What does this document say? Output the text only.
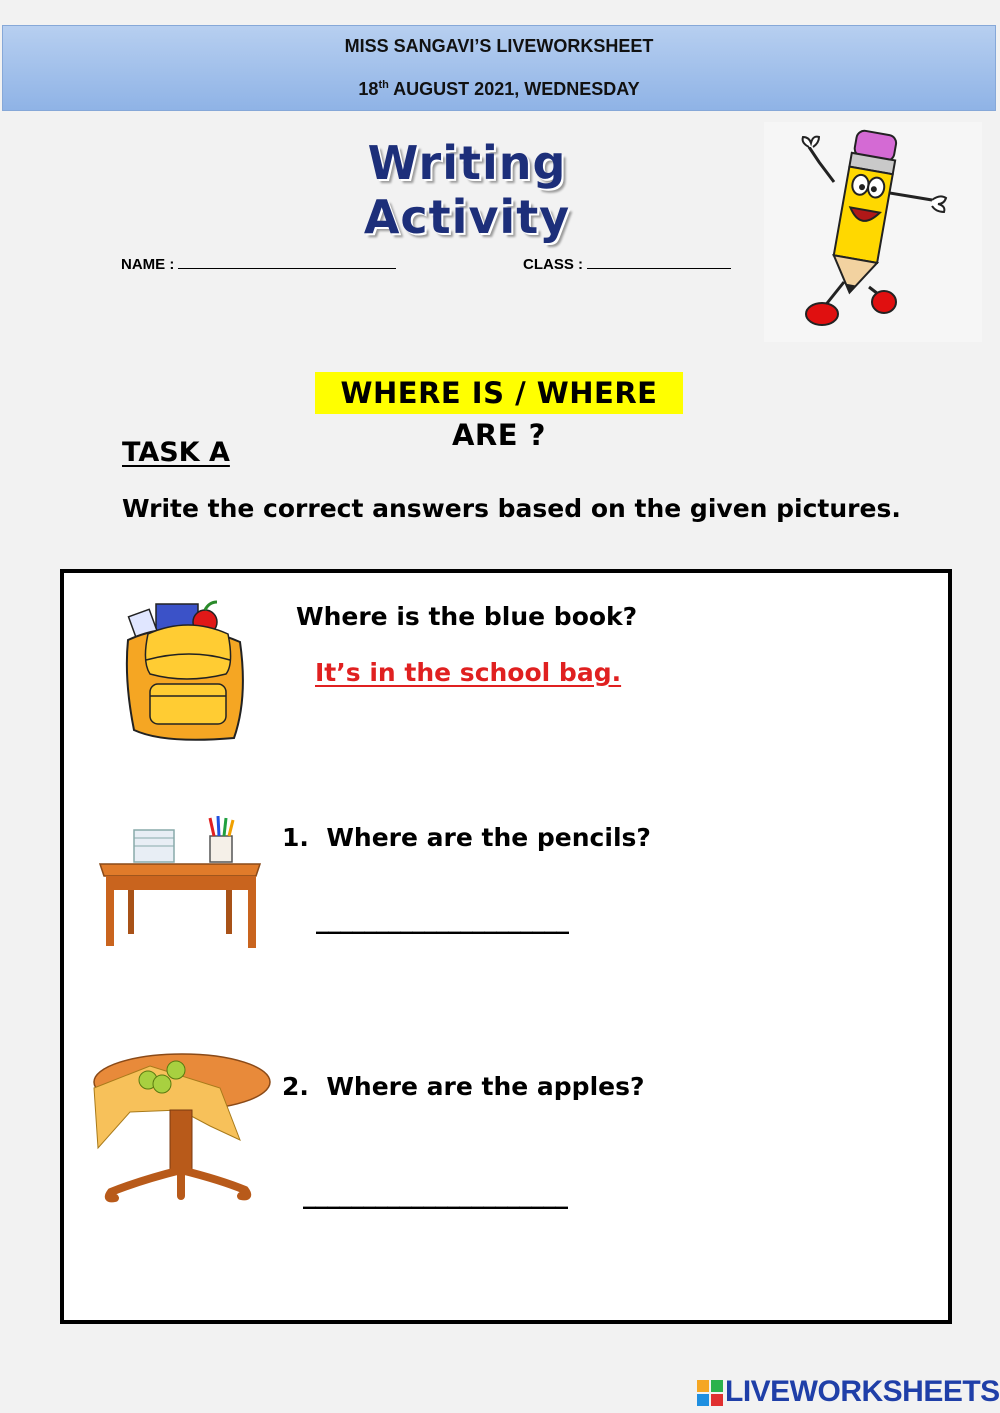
MISS SANGAVI’S LIVEWORKSHEET
18th AUGUST 2021, WEDNESDAY
Writing Activity
NAME :	CLASS :
WHERE IS / WHERE ARE ?
TASK A
Write the correct answers based on the given pictures.
Where is the blue book?
It’s in the school bag.
1. Where are the pencils?
_____________________
2. Where are the apples?
______________________
LIVEWORKSHEETS
